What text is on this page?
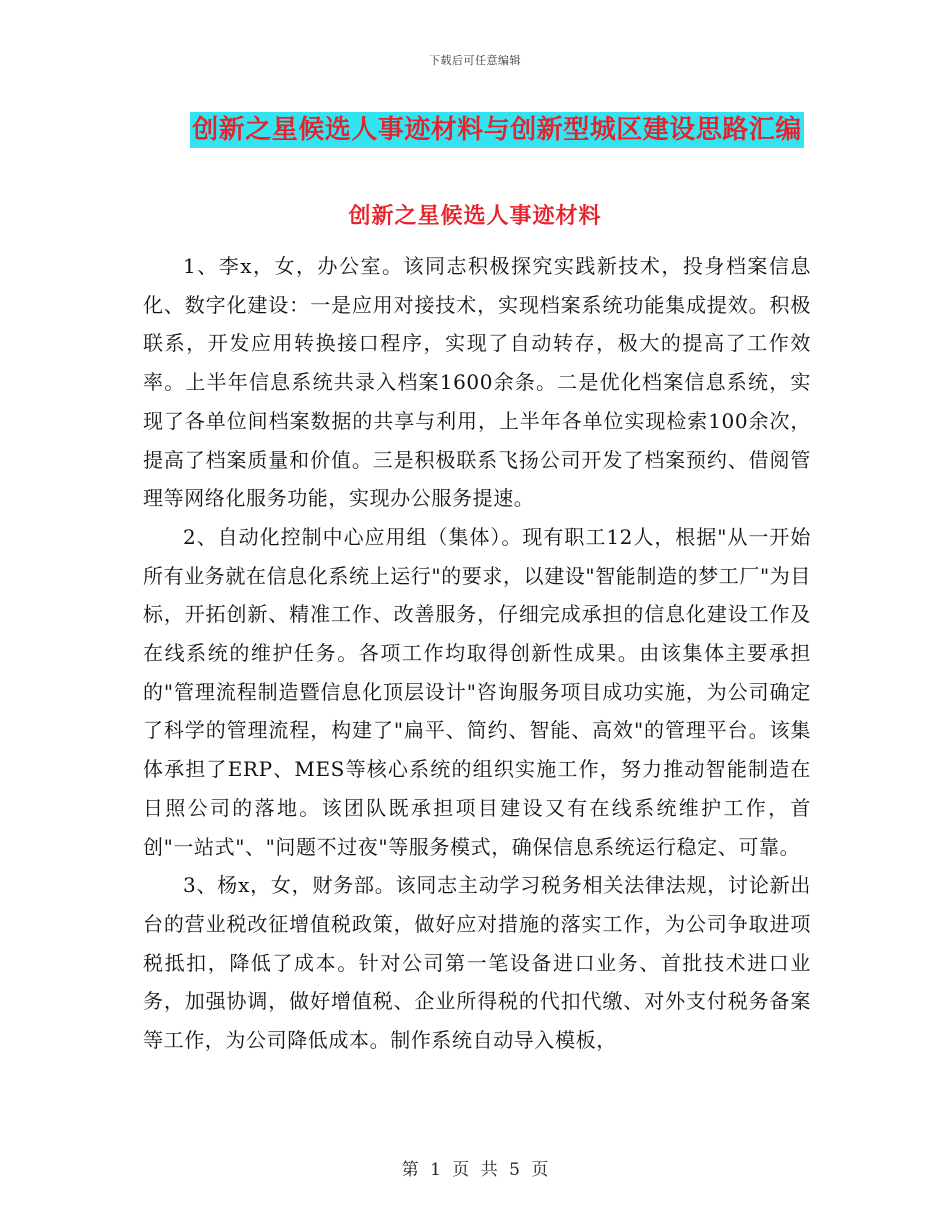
下载后可任意编辑
创新之星候选人事迹材料与创新型城区建设思路汇编
创新之星候选人事迹材料

1、李x，女，办公室。该同志积极探究实践新技术，投身档案信息化、数字化建设：一是应用对接技术，实现档案系统功能集成提效。积极联系，开发应用转换接口程序，实现了自动转存，极大的提高了工作效率。上半年信息系统共录入档案1600余条。二是优化档案信息系统，实现了各单位间档案数据的共享与利用，上半年各单位实现检索100余次，提高了档案质量和价值。三是积极联系飞扬公司开发了档案预约、借阅管理等网络化服务功能，实现办公服务提速。

2、自动化控制中心应用组（集体）。现有职工12人，根据"从一开始所有业务就在信息化系统上运行"的要求，以建设"智能制造的梦工厂"为目标，开拓创新、精准工作、改善服务，仔细完成承担的信息化建设工作及在线系统的维护任务。各项工作均取得创新性成果。由该集体主要承担的"管理流程制造暨信息化顶层设计"咨询服务项目成功实施，为公司确定了科学的管理流程，构建了"扁平、简约、智能、高效"的管理平台。该集体承担了ERP、MES等核心系统的组织实施工作，努力推动智能制造在日照公司的落地。该团队既承担项目建设又有在线系统维护工作，首创"一站式"、"问题不过夜"等服务模式，确保信息系统运行稳定、可靠。

3、杨x，女，财务部。该同志主动学习税务相关法律法规，讨论新出台的营业税改征增值税政策，做好应对措施的落实工作，为公司争取进项税抵扣，降低了成本。针对公司第一笔设备进口业务、首批技术进口业务，加强协调，做好增值税、企业所得税的代扣代缴、对外支付税务备案等工作，为公司降低成本。制作系统自动导入模板，

第 1 页 共 5 页
